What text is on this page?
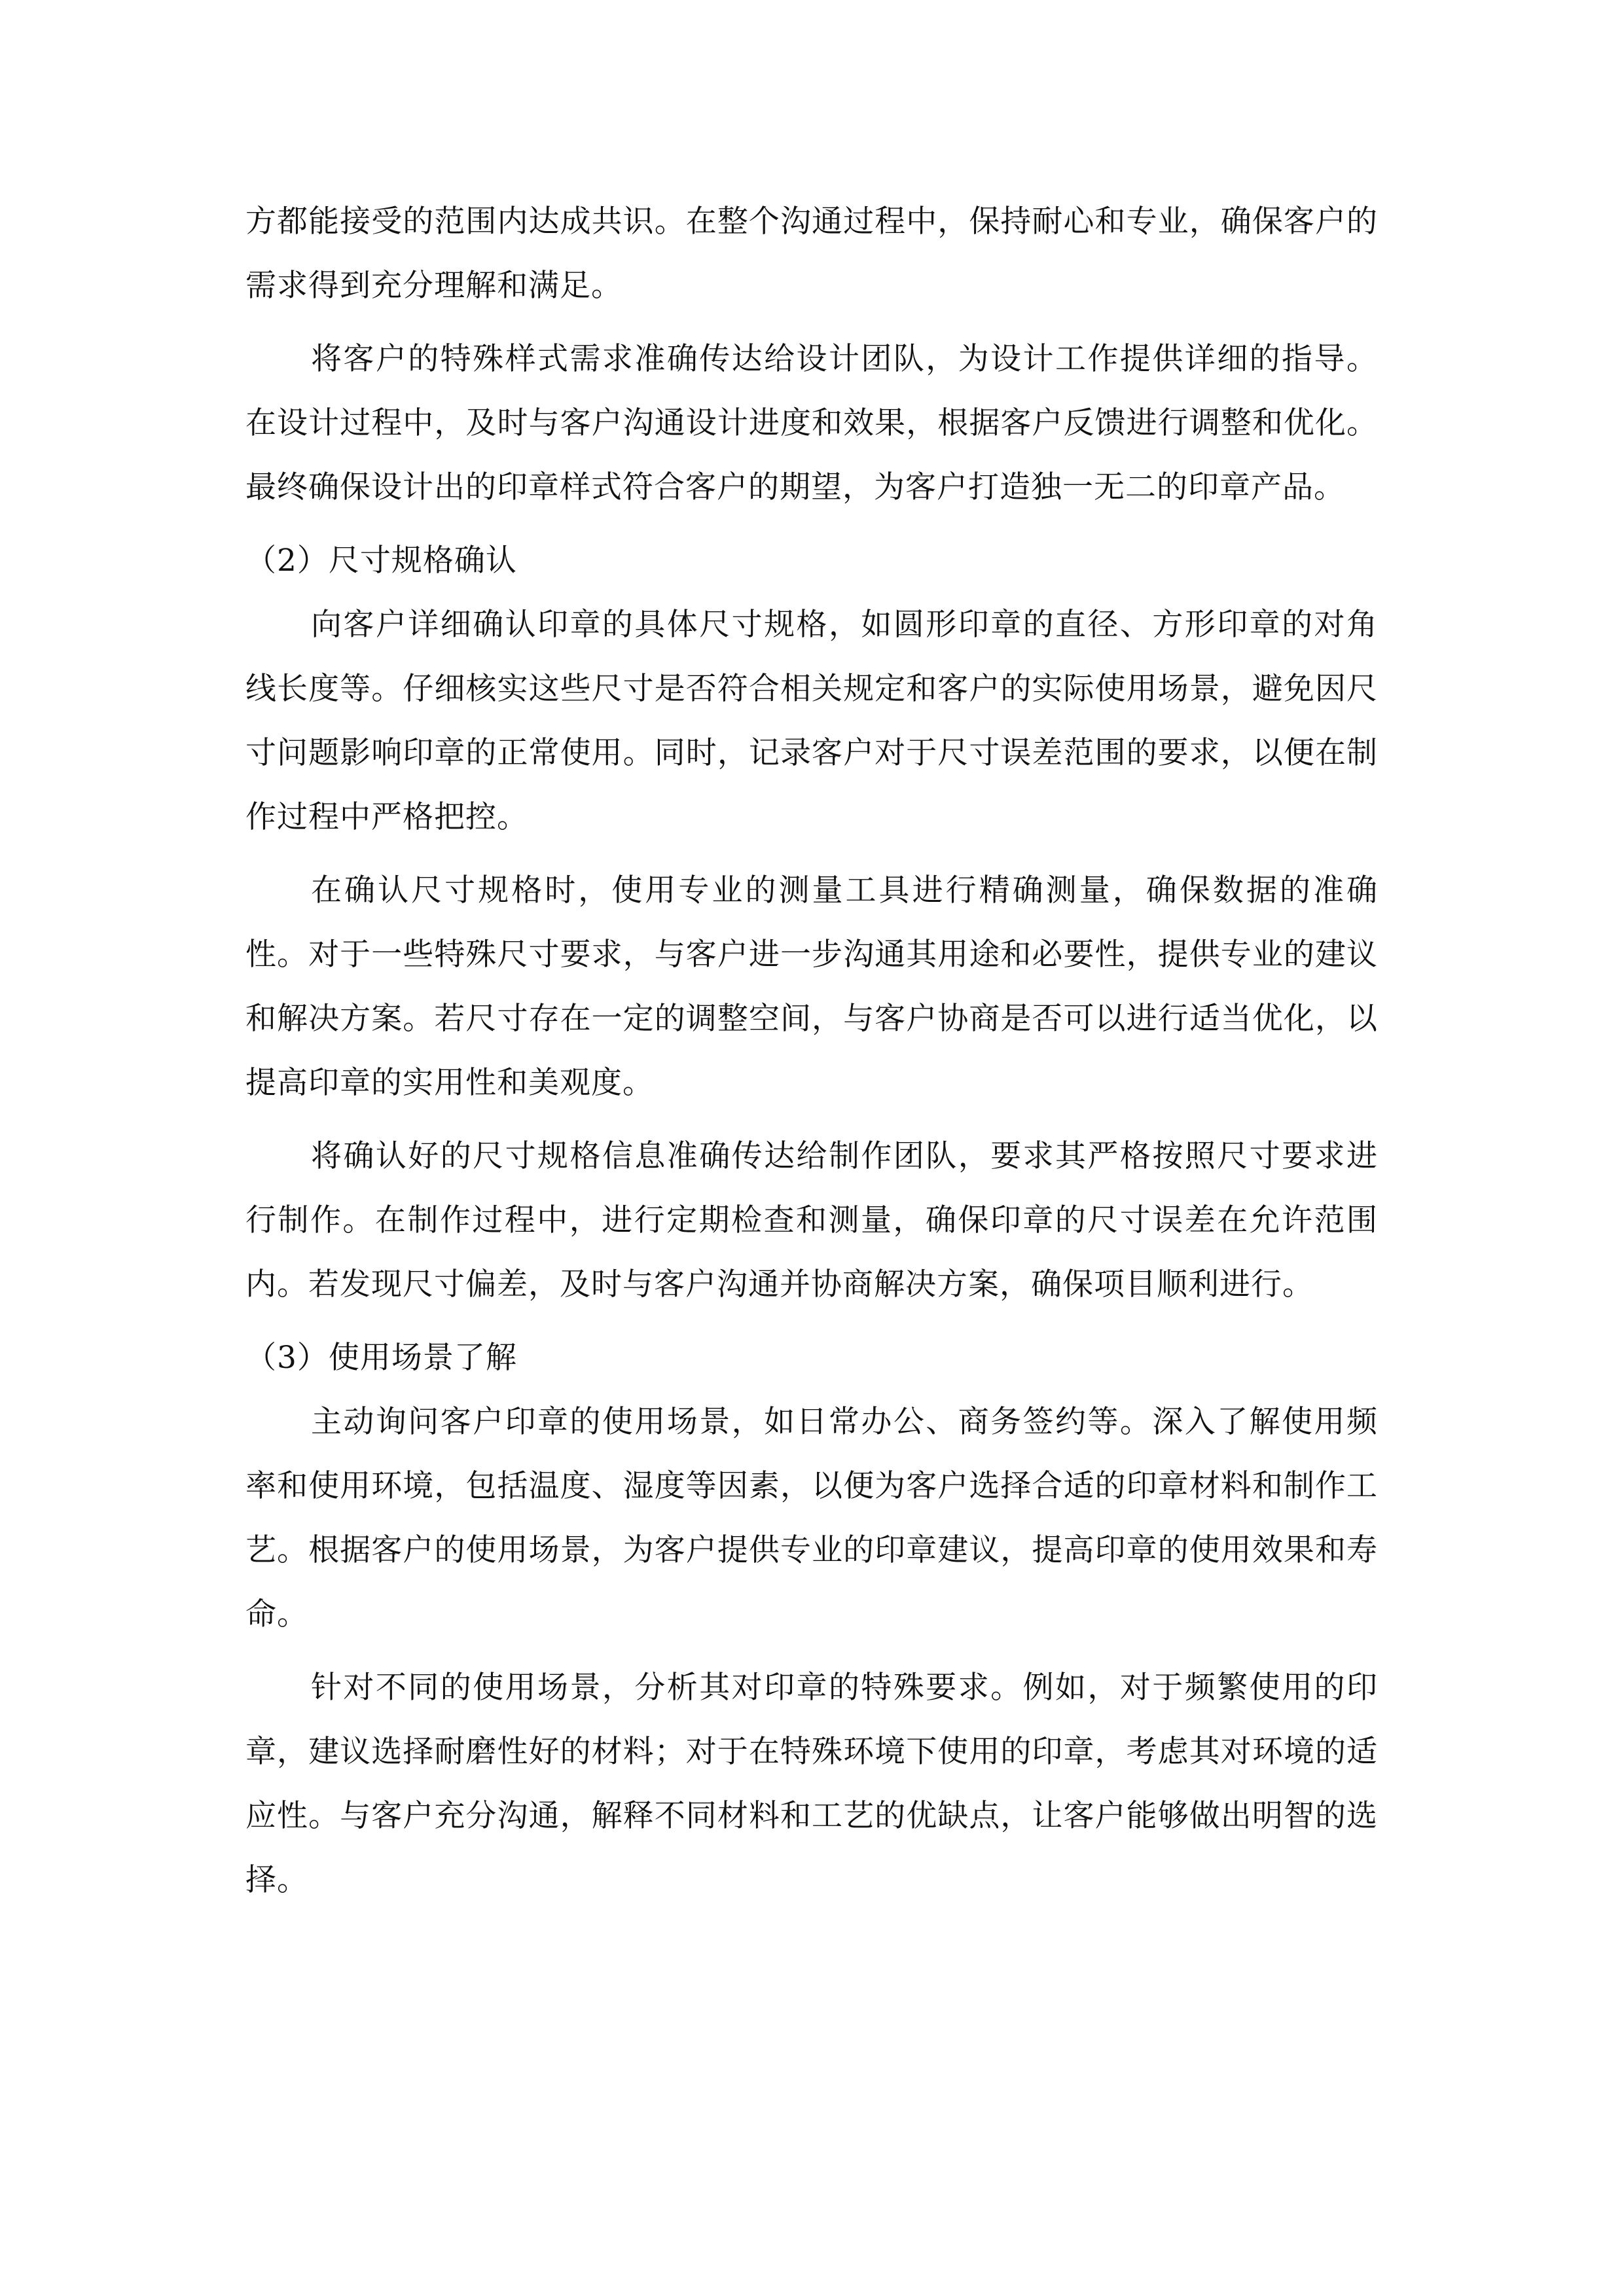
方都能接受的范围内达成共识。在整个沟通过程中，保持耐心和专业，确保客户的需求得到充分理解和满足。

将客户的特殊样式需求准确传达给设计团队，为设计工作提供详细的指导。在设计过程中，及时与客户沟通设计进度和效果，根据客户反馈进行调整和优化。最终确保设计出的印章样式符合客户的期望，为客户打造独一无二的印章产品。

（2）尺寸规格确认

向客户详细确认印章的具体尺寸规格，如圆形印章的直径、方形印章的对角线长度等。仔细核实这些尺寸是否符合相关规定和客户的实际使用场景，避免因尺寸问题影响印章的正常使用。同时，记录客户对于尺寸误差范围的要求，以便在制作过程中严格把控。

在确认尺寸规格时，使用专业的测量工具进行精确测量，确保数据的准确性。对于一些特殊尺寸要求，与客户进一步沟通其用途和必要性，提供专业的建议和解决方案。若尺寸存在一定的调整空间，与客户协商是否可以进行适当优化，以提高印章的实用性和美观度。

将确认好的尺寸规格信息准确传达给制作团队，要求其严格按照尺寸要求进行制作。在制作过程中，进行定期检查和测量，确保印章的尺寸误差在允许范围内。若发现尺寸偏差，及时与客户沟通并协商解决方案，确保项目顺利进行。

（3）使用场景了解

主动询问客户印章的使用场景，如日常办公、商务签约等。深入了解使用频率和使用环境，包括温度、湿度等因素，以便为客户选择合适的印章材料和制作工艺。根据客户的使用场景，为客户提供专业的印章建议，提高印章的使用效果和寿命。

针对不同的使用场景，分析其对印章的特殊要求。例如，对于频繁使用的印章，建议选择耐磨性好的材料；对于在特殊环境下使用的印章，考虑其对环境的适应性。与客户充分沟通，解释不同材料和工艺的优缺点，让客户能够做出明智的选择。
